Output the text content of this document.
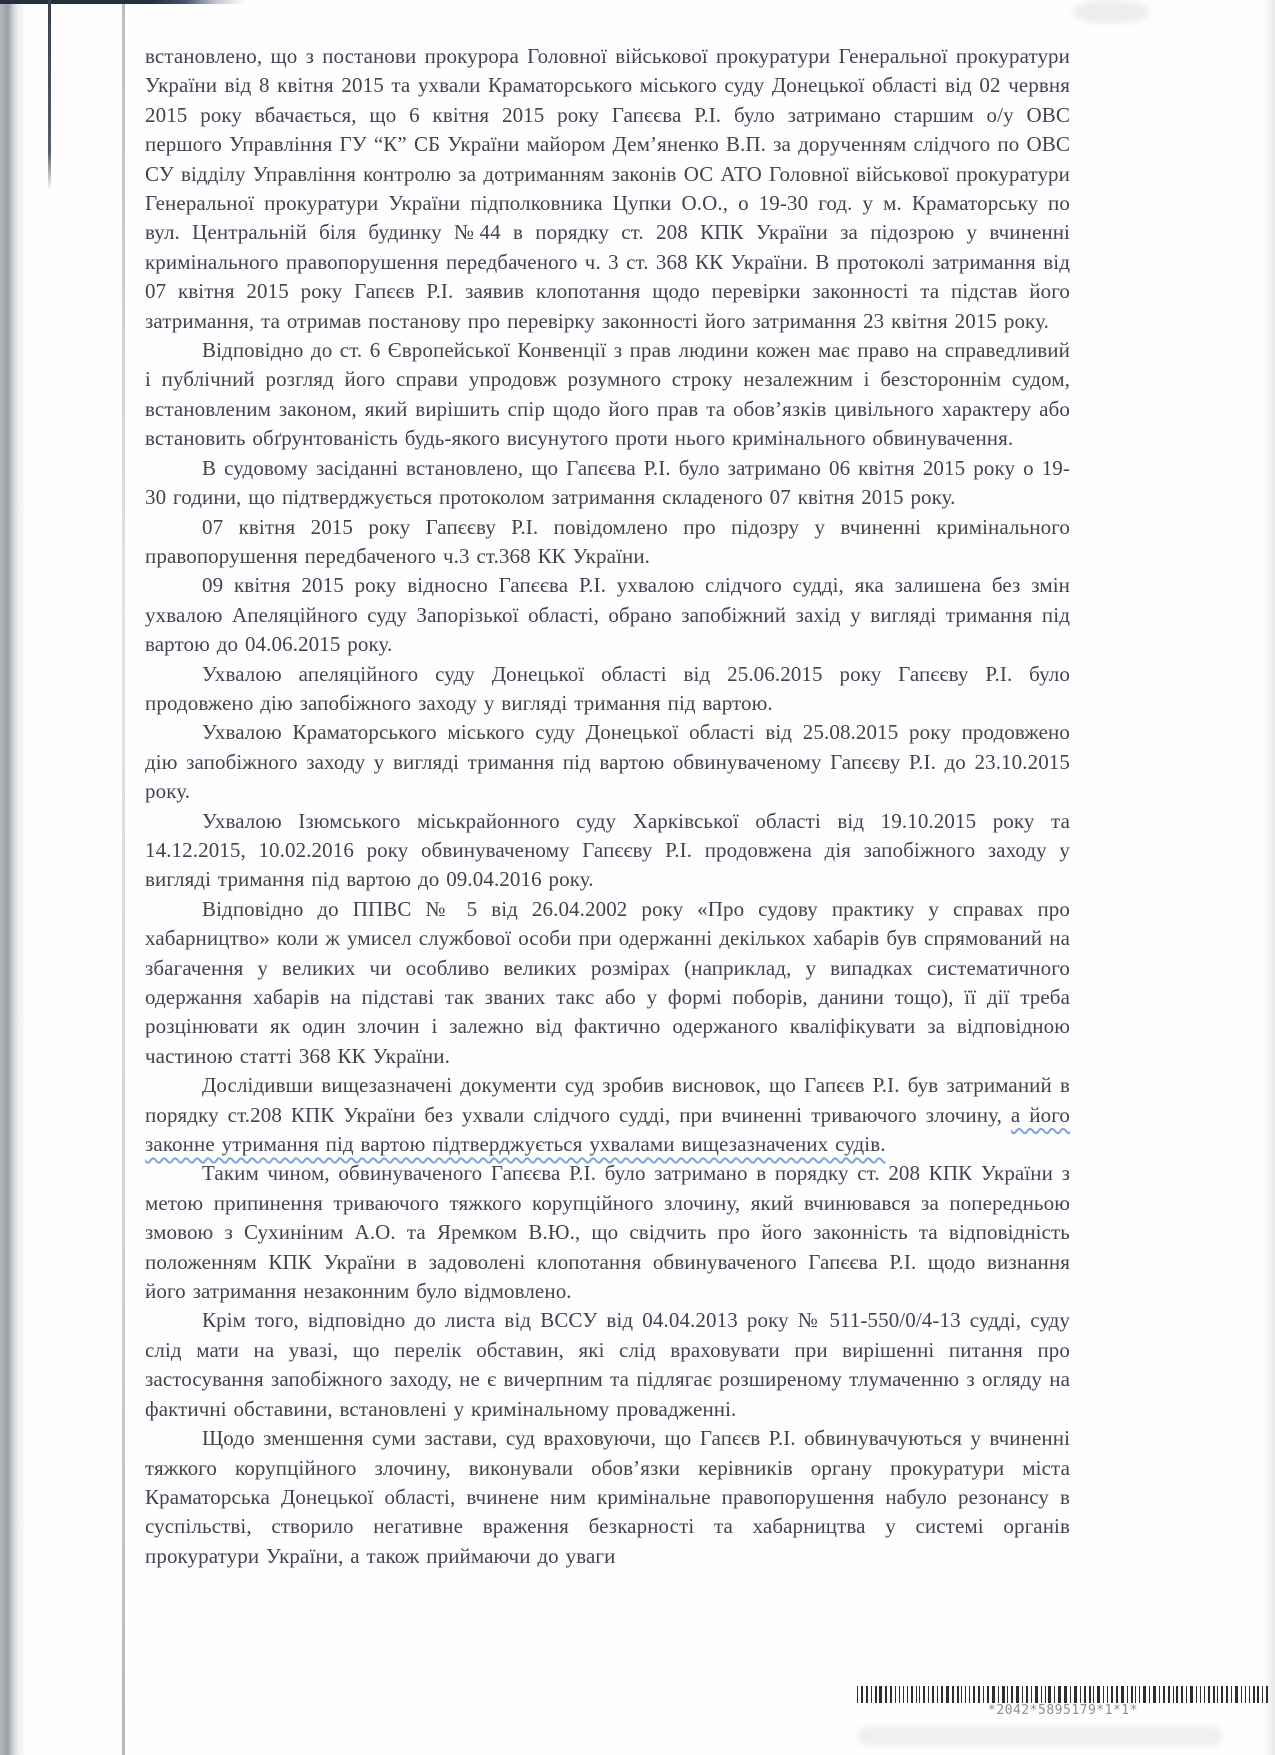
встановлено, що з постанови прокурора Головної військової прокуратури Генеральної прокуратури України від 8 квітня 2015 та ухвали Краматорського міського суду Донецької області від 02 червня 2015 року вбачається, що 6 квітня 2015 року Гапєєва Р.І. було затримано старшим о/у ОВС першого Управління ГУ “К” СБ України майором Дем’яненко В.П. за дорученням слідчого по ОВС СУ відділу Управління контролю за дотриманням законів ОС АТО Головної військової прокуратури Генеральної прокуратури України підполковника Цупки О.О., о 19-30 год. у м. Краматорську по вул. Центральній біля будинку №44 в порядку ст. 208 КПК України за підозрою у вчиненні кримінального правопорушення передбаченого ч. 3 ст. 368 КК України. В протоколі затримання від 07 квітня 2015 року Гапєєв Р.І. заявив клопотання щодо перевірки законності та підстав його затримання, та отримав постанову про перевірку законності його затримання 23 квітня 2015 року.

Відповідно до ст. 6 Європейської Конвенції з прав людини кожен має право на справедливий і публічний розгляд його справи упродовж розумного строку незалежним і безстороннім судом, встановленим законом, який вирішить спір щодо його прав та обов’язків цивільного характеру або встановить обґрунтованість будь-якого висунутого проти нього кримінального обвинувачення.

В судовому засіданні встановлено, що Гапєєва Р.І. було затримано 06 квітня 2015 року о 19-30 години, що підтверджується протоколом затримання складеного 07 квітня 2015 року.

07 квітня 2015 року Гапєєву Р.І. повідомлено про підозру у вчиненні кримінального правопорушення передбаченого ч.3 ст.368 КК України.

09 квітня 2015 року відносно Гапєєва Р.І. ухвалою слідчого судді, яка залишена без змін ухвалою Апеляційного суду Запорізької області, обрано запобіжний захід у вигляді тримання під вартою до 04.06.2015 року.

Ухвалою апеляційного суду Донецької області від 25.06.2015 року Гапєєву Р.І. було продовжено дію запобіжного заходу у вигляді тримання під вартою.

Ухвалою Краматорського міського суду Донецької області від 25.08.2015 року продовжено дію запобіжного заходу у вигляді тримання під вартою обвинуваченому Гапєєву Р.І. до 23.10.2015 року.

Ухвалою Ізюмського міськрайонного суду Харківської області від 19.10.2015 року та 14.12.2015, 10.02.2016 року обвинуваченому Гапєєву Р.І. продовжена дія запобіжного заходу у вигляді тримання під вартою до 09.04.2016 року.

Відповідно до ППВС № 5 від 26.04.2002 року «Про судову практику у справах про хабарництво» коли ж умисел службової особи при одержанні декількох хабарів був спрямований на збагачення у великих чи особливо великих розмірах (наприклад, у випадках систематичного одержання хабарів на підставі так званих такс або у формі поборів, данини тощо), її дії треба розцінювати як один злочин і залежно від фактично одержаного кваліфікувати за відповідною частиною статті 368 КК України.

Дослідивши вищезазначені документи суд зробив висновок, що Гапєєв Р.І. був затриманий в порядку ст.208 КПК України без ухвали слідчого судді, при вчиненні триваючого злочину, а його законне утримання під вартою підтверджується ухвалами вищезазначених судів.

Таким чином, обвинуваченого Гапєєва Р.І. було затримано в порядку ст. 208 КПК України з метою припинення триваючого тяжкого корупційного злочину, який вчинювався за попередньою змовою з Сухиніним А.О. та Яремком В.Ю., що свідчить про його законність та відповідність положенням КПК України в задоволені клопотання обвинуваченого Гапєєва Р.І. щодо визнання його затримання незаконним було відмовлено.

Крім того, відповідно до листа від ВССУ від 04.04.2013 року № 511-550/0/4-13 судді, суду слід мати на увазі, що перелік обставин, які слід враховувати при вирішенні питання про застосування запобіжного заходу, не є вичерпним та підлягає розширеному тлумаченню з огляду на фактичні обставини, встановлені у кримінальному провадженні.

Щодо зменшення суми застави, суд враховуючи, що Гапєєв Р.І. обвинувачуються у вчиненні тяжкого корупційного злочину, виконували обов’язки керівників органу прокуратури міста Краматорська Донецької області, вчинене ним кримінальне правопорушення набуло резонансу в суспільстві, створило негативне враження безкарності та хабарництва у системі органів прокуратури України, а також приймаючи до уваги

*2042*5895179*1*1*
